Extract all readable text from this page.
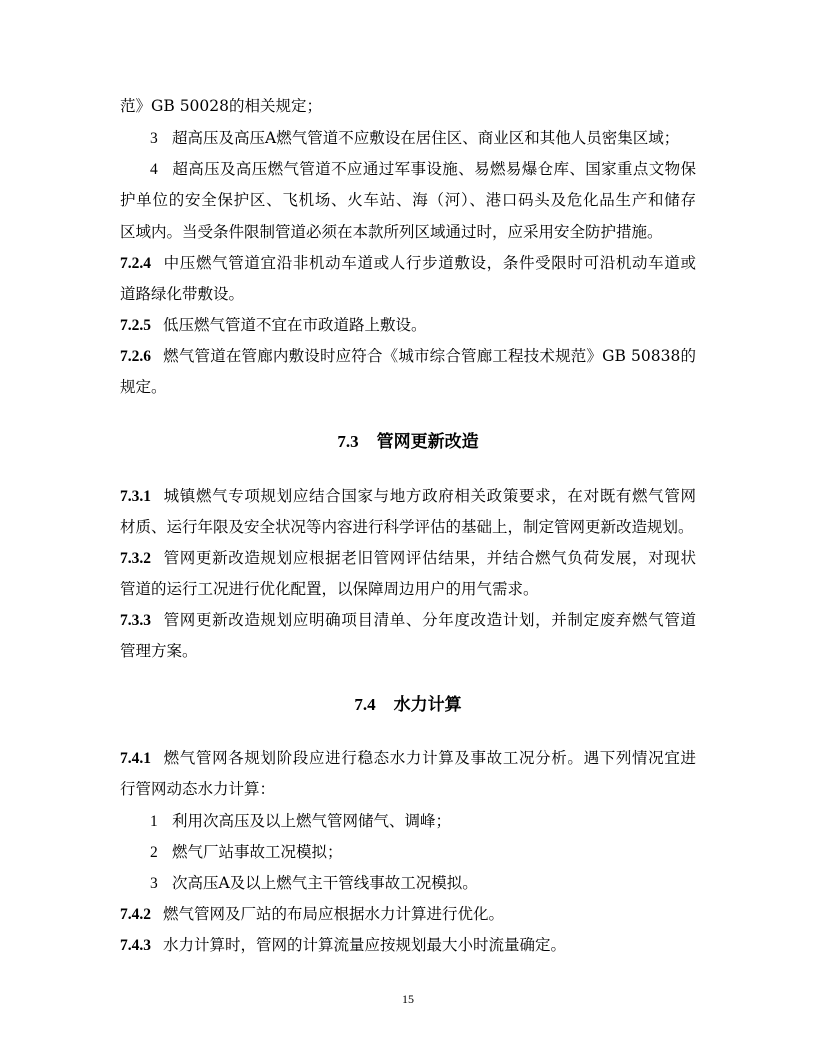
范》GB 50028的相关规定；
3 超高压及高压A燃气管道不应敷设在居住区、商业区和其他人员密集区域；
4 超高压及高压燃气管道不应通过军事设施、易燃易爆仓库、国家重点文物保
护单位的安全保护区、飞机场、火车站、海（河）、港口码头及危化品生产和储存
区域内。当受条件限制管道必须在本款所列区域通过时，应采用安全防护措施。
7.2.4 中压燃气管道宜沿非机动车道或人行步道敷设，条件受限时可沿机动车道或
道路绿化带敷设。
7.2.5 低压燃气管道不宜在市政道路上敷设。
7.2.6 燃气管道在管廊内敷设时应符合《城市综合管廊工程技术规范》GB 50838的
规定。
7.3 管网更新改造
7.3.1 城镇燃气专项规划应结合国家与地方政府相关政策要求，在对既有燃气管网
材质、运行年限及安全状况等内容进行科学评估的基础上，制定管网更新改造规划。
7.3.2 管网更新改造规划应根据老旧管网评估结果，并结合燃气负荷发展，对现状
管道的运行工况进行优化配置，以保障周边用户的用气需求。
7.3.3 管网更新改造规划应明确项目清单、分年度改造计划，并制定废弃燃气管道
管理方案。
7.4 水力计算
7.4.1 燃气管网各规划阶段应进行稳态水力计算及事故工况分析。遇下列情况宜进
行管网动态水力计算：
1 利用次高压及以上燃气管网储气、调峰；
2 燃气厂站事故工况模拟；
3 次高压A及以上燃气主干管线事故工况模拟。
7.4.2 燃气管网及厂站的布局应根据水力计算进行优化。
7.4.3 水力计算时，管网的计算流量应按规划最大小时流量确定。
15
